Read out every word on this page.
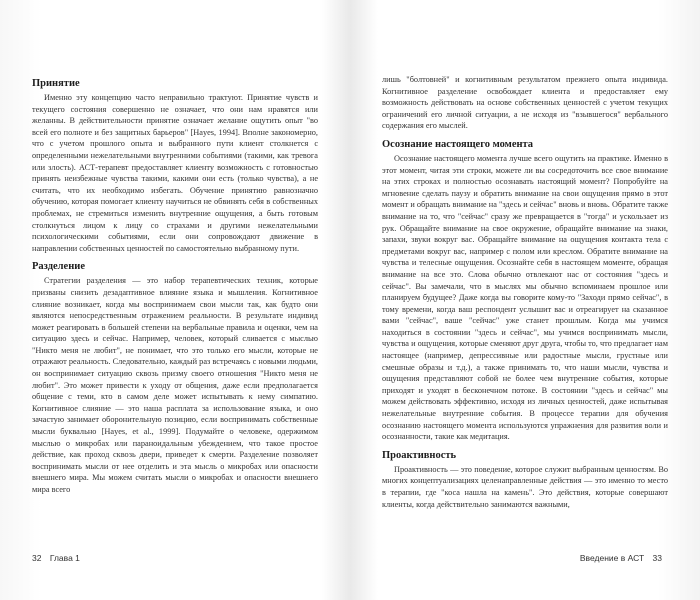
Принятие

Именно эту концепцию часто неправильно трактуют. Принятие чувств и текущего состояния совершенно не означает, что они нам нравятся или желанны. В действительности принятие означает желание ощутить опыт "во всей его полноте и без защитных барьеров" [Hayes, 1994]. Вполне закономерно, что с учетом прошлого опыта и выбранного пути клиент столкнется с определенными нежелательными внутренними событиями (такими, как тревога или злость). АСТ-терапевт предоставляет клиенту возможность с готовностью принять неизбежные чувства такими, какими они есть (только чувства), а не считать, что их необходимо избегать. Обучение принятию равнозначно обучению, которая помогает клиенту научиться не обвинять себя в собственных проблемах, не стремиться изменить внутренние ощущения, а быть готовым столкнуться лицом к лицу со страхами и другими нежелательными психологическими событиями, если они сопровождают движение в направлении собственных ценностей по самостоятельно выбранному пути.

Разделение

Стратегии разделения — это набор терапевтических техник, которые призваны снизить дезадаптивное влияние языка и мышления. Когнитивное слияние возникает, когда мы воспринимаем свои мысли так, как будто они являются непосредственным отражением реальности. В результате индивид может реагировать в большей степени на вербальные правила и оценки, чем на ситуацию здесь и сейчас. Например, человек, который сливается с мыслью "Никто меня не любит", не понимает, что это только его мысли, которые не отражают реальность. Следовательно, каждый раз встречаясь с новыми людьми, он воспринимает ситуацию сквозь призму своего отношения "Никто меня не любит". Это может привести к уходу от общения, даже если предполагается общение с теми, кто в самом деле может испытывать к нему симпатию. Когнитивное слияние — это наша расплата за использование языка, и оно зачастую занимает оборонительную позицию, если воспринимать собственные мысли буквально [Hayes, et al., 1999]. Подумайте о человеке, одержимом мыслью о микробах или параноидальным убеждением, что такое простое действие, как проход сквозь двери, приведет к смерти. Разделение позволяет воспринимать мысли от нее отделить и эта мысль о микробах или опасности внешнего мира. Мы можем считать мысли о микробах и опасности внешнего мира всего

32 Глава 1

лишь "болтовней" и когнитивным результатом прежнего опыта индивида. Когнитивное разделение освобождает клиента и предоставляет ему возможность действовать на основе собственных ценностей с учетом текущих ограничений его личной ситуации, а не исходя из "взывшегося" вербального содержания его мыслей.

Осознание настоящего момента

Осознание настоящего момента лучше всего ощутить на практике. Именно в этот момент, читая эти строки, можете ли вы сосредоточить все свое внимание на этих строках и полностью осознавать настоящий момент? Попробуйте на мгновение сделать паузу и обратить внимание на свои ощущения прямо в этот момент и обращать внимание на "здесь и сейчас" вновь и вновь. Обратите также внимание на то, что "сейчас" сразу же превращается в "тогда" и ускользает из рук. Обращайте внимание на свое окружение, обращайте внимание на знаки, запахи, звуки вокруг вас. Обращайте внимание на ощущения контакта тела с предметами вокруг вас, например с полом или креслом. Обратите внимание на чувства и телесные ощущения. Осознайте себя в настоящем моменте, обращая внимание на все это. Слова обычно отвлекают нас от состояния "здесь и сейчас". Вы замечали, что в мыслях мы обычно вспоминаем прошлое или планируем будущее? Даже когда вы говорите кому-то "Заходи прямо сейчас", в тому времени, когда ваш респондент услышит вас и отреагирует на сказанное вами "сейчас", ваше "сейчас" уже станет прошлым. Когда мы учимся находиться в состоянии "здесь и сейчас", мы учимся воспринимать мысли, чувства и ощущения, которые сменяют друг друга, чтобы то, что предлагает нам настоящее (например, депрессивные или радостные мысли, грустные или смешные образы и т.д.), а также принимать то, что наши мысли, чувства и ощущения представляют собой не более чем внутренние события, которые приходят и уходят в бесконечном потоке. В состоянии "здесь и сейчас" мы можем действовать эффективно, исходя из личных ценностей, даже испытывая нежелательные внутренние события. В процессе терапии для обучения осознанию настоящего момента используются упражнения для развития воли и осознанности, такие как медитация.

Проактивность

Проактивность — это поведение, которое служит выбранным ценностям. Во многих концептуализациях целенаправленные действия — это именно то место в терапии, где "коса нашла на камень". Это действия, которые совершают клиенты, когда действительно занимаются важными,

Введение в АСТ 33
